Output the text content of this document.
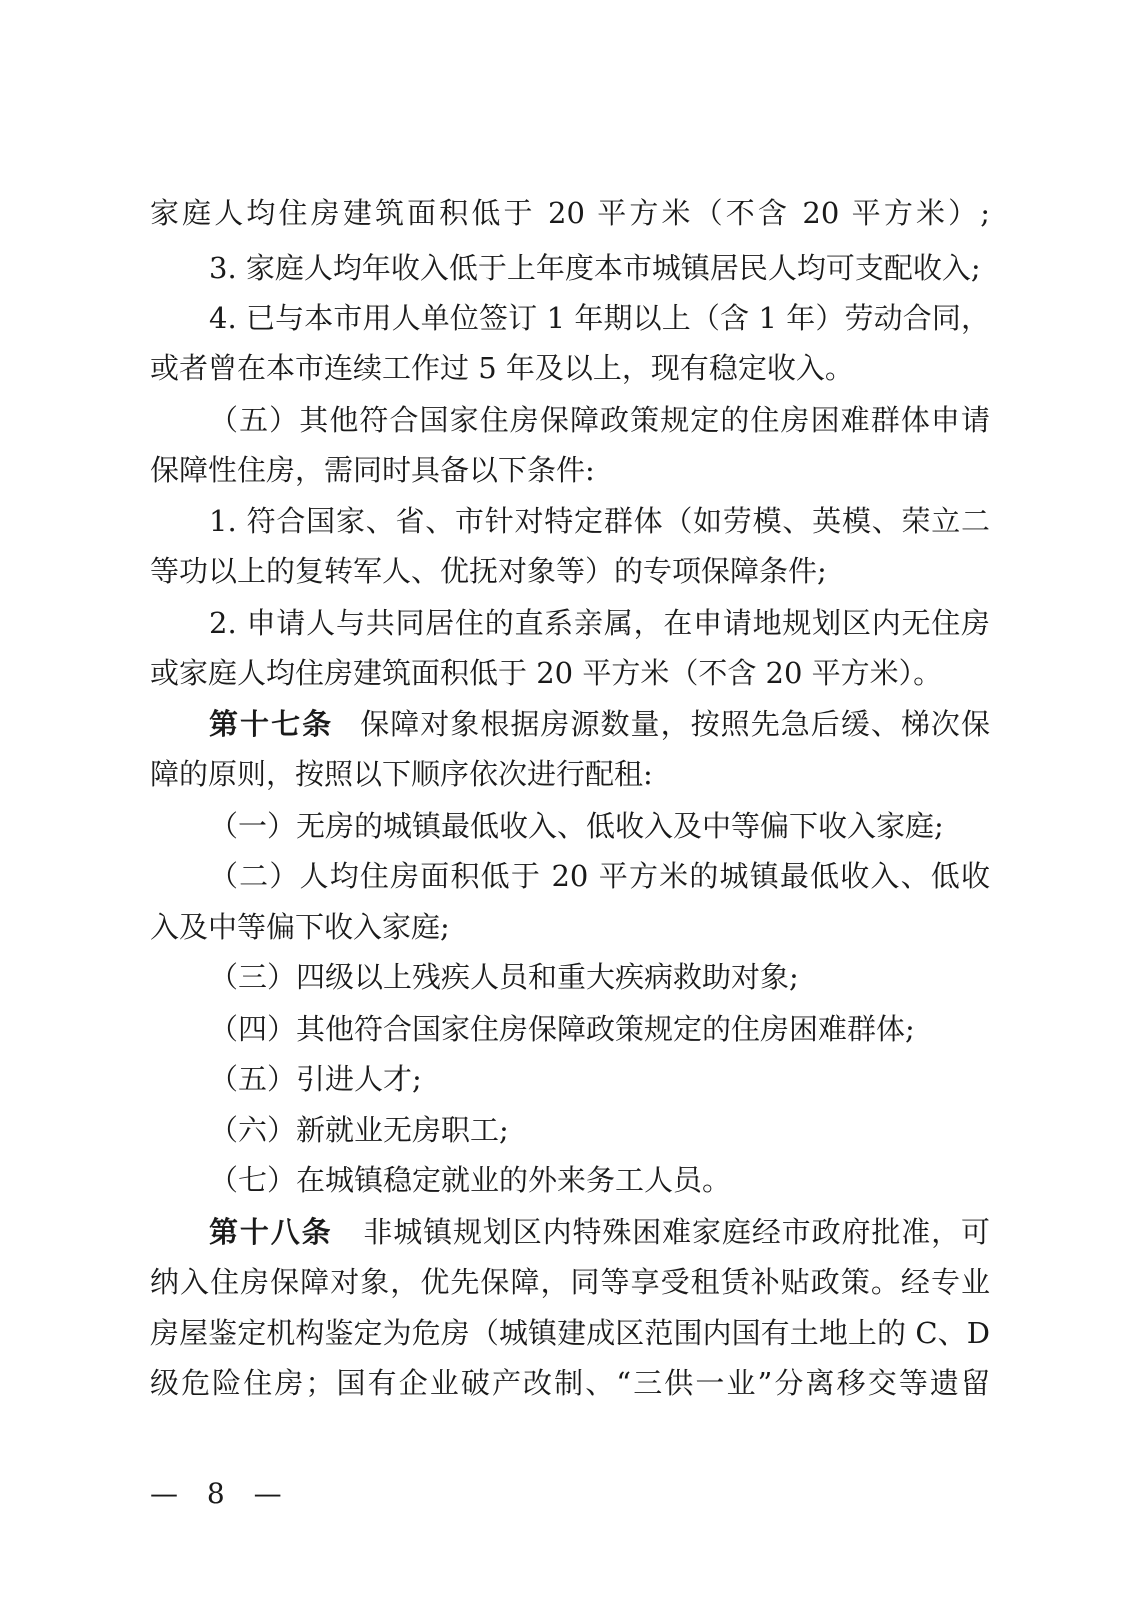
家庭人均住房建筑面积低于 20 平方米（不含 20 平方米）;
3. 家庭人均年收入低于上年度本市城镇居民人均可支配收入;
4. 已与本市用人单位签订 1 年期以上（含 1 年）劳动合同，
或者曾在本市连续工作过 5 年及以上，现有稳定收入。
（五）其他符合国家住房保障政策规定的住房困难群体申请
保障性住房，需同时具备以下条件:
1. 符合国家、省、市针对特定群体（如劳模、英模、荣立二
等功以上的复转军人、优抚对象等）的专项保障条件;
2. 申请人与共同居住的直系亲属，在申请地规划区内无住房
或家庭人均住房建筑面积低于 20 平方米（不含 20 平方米）。
第十七条 保障对象根据房源数量，按照先急后缓、梯次保
障的原则，按照以下顺序依次进行配租:
（一）无房的城镇最低收入、低收入及中等偏下收入家庭;
（二）人均住房面积低于 20 平方米的城镇最低收入、低收
入及中等偏下收入家庭;
（三）四级以上残疾人员和重大疾病救助对象;
（四）其他符合国家住房保障政策规定的住房困难群体;
（五）引进人才;
（六）新就业无房职工;
（七）在城镇稳定就业的外来务工人员。
第十八条 非城镇规划区内特殊困难家庭经市政府批准，可
纳入住房保障对象，优先保障，同等享受租赁补贴政策。经专业
房屋鉴定机构鉴定为危房（城镇建成区范围内国有土地上的 C、D
级危险住房；国有企业破产改制、“三供一业”分离移交等遗留
— 8 —
